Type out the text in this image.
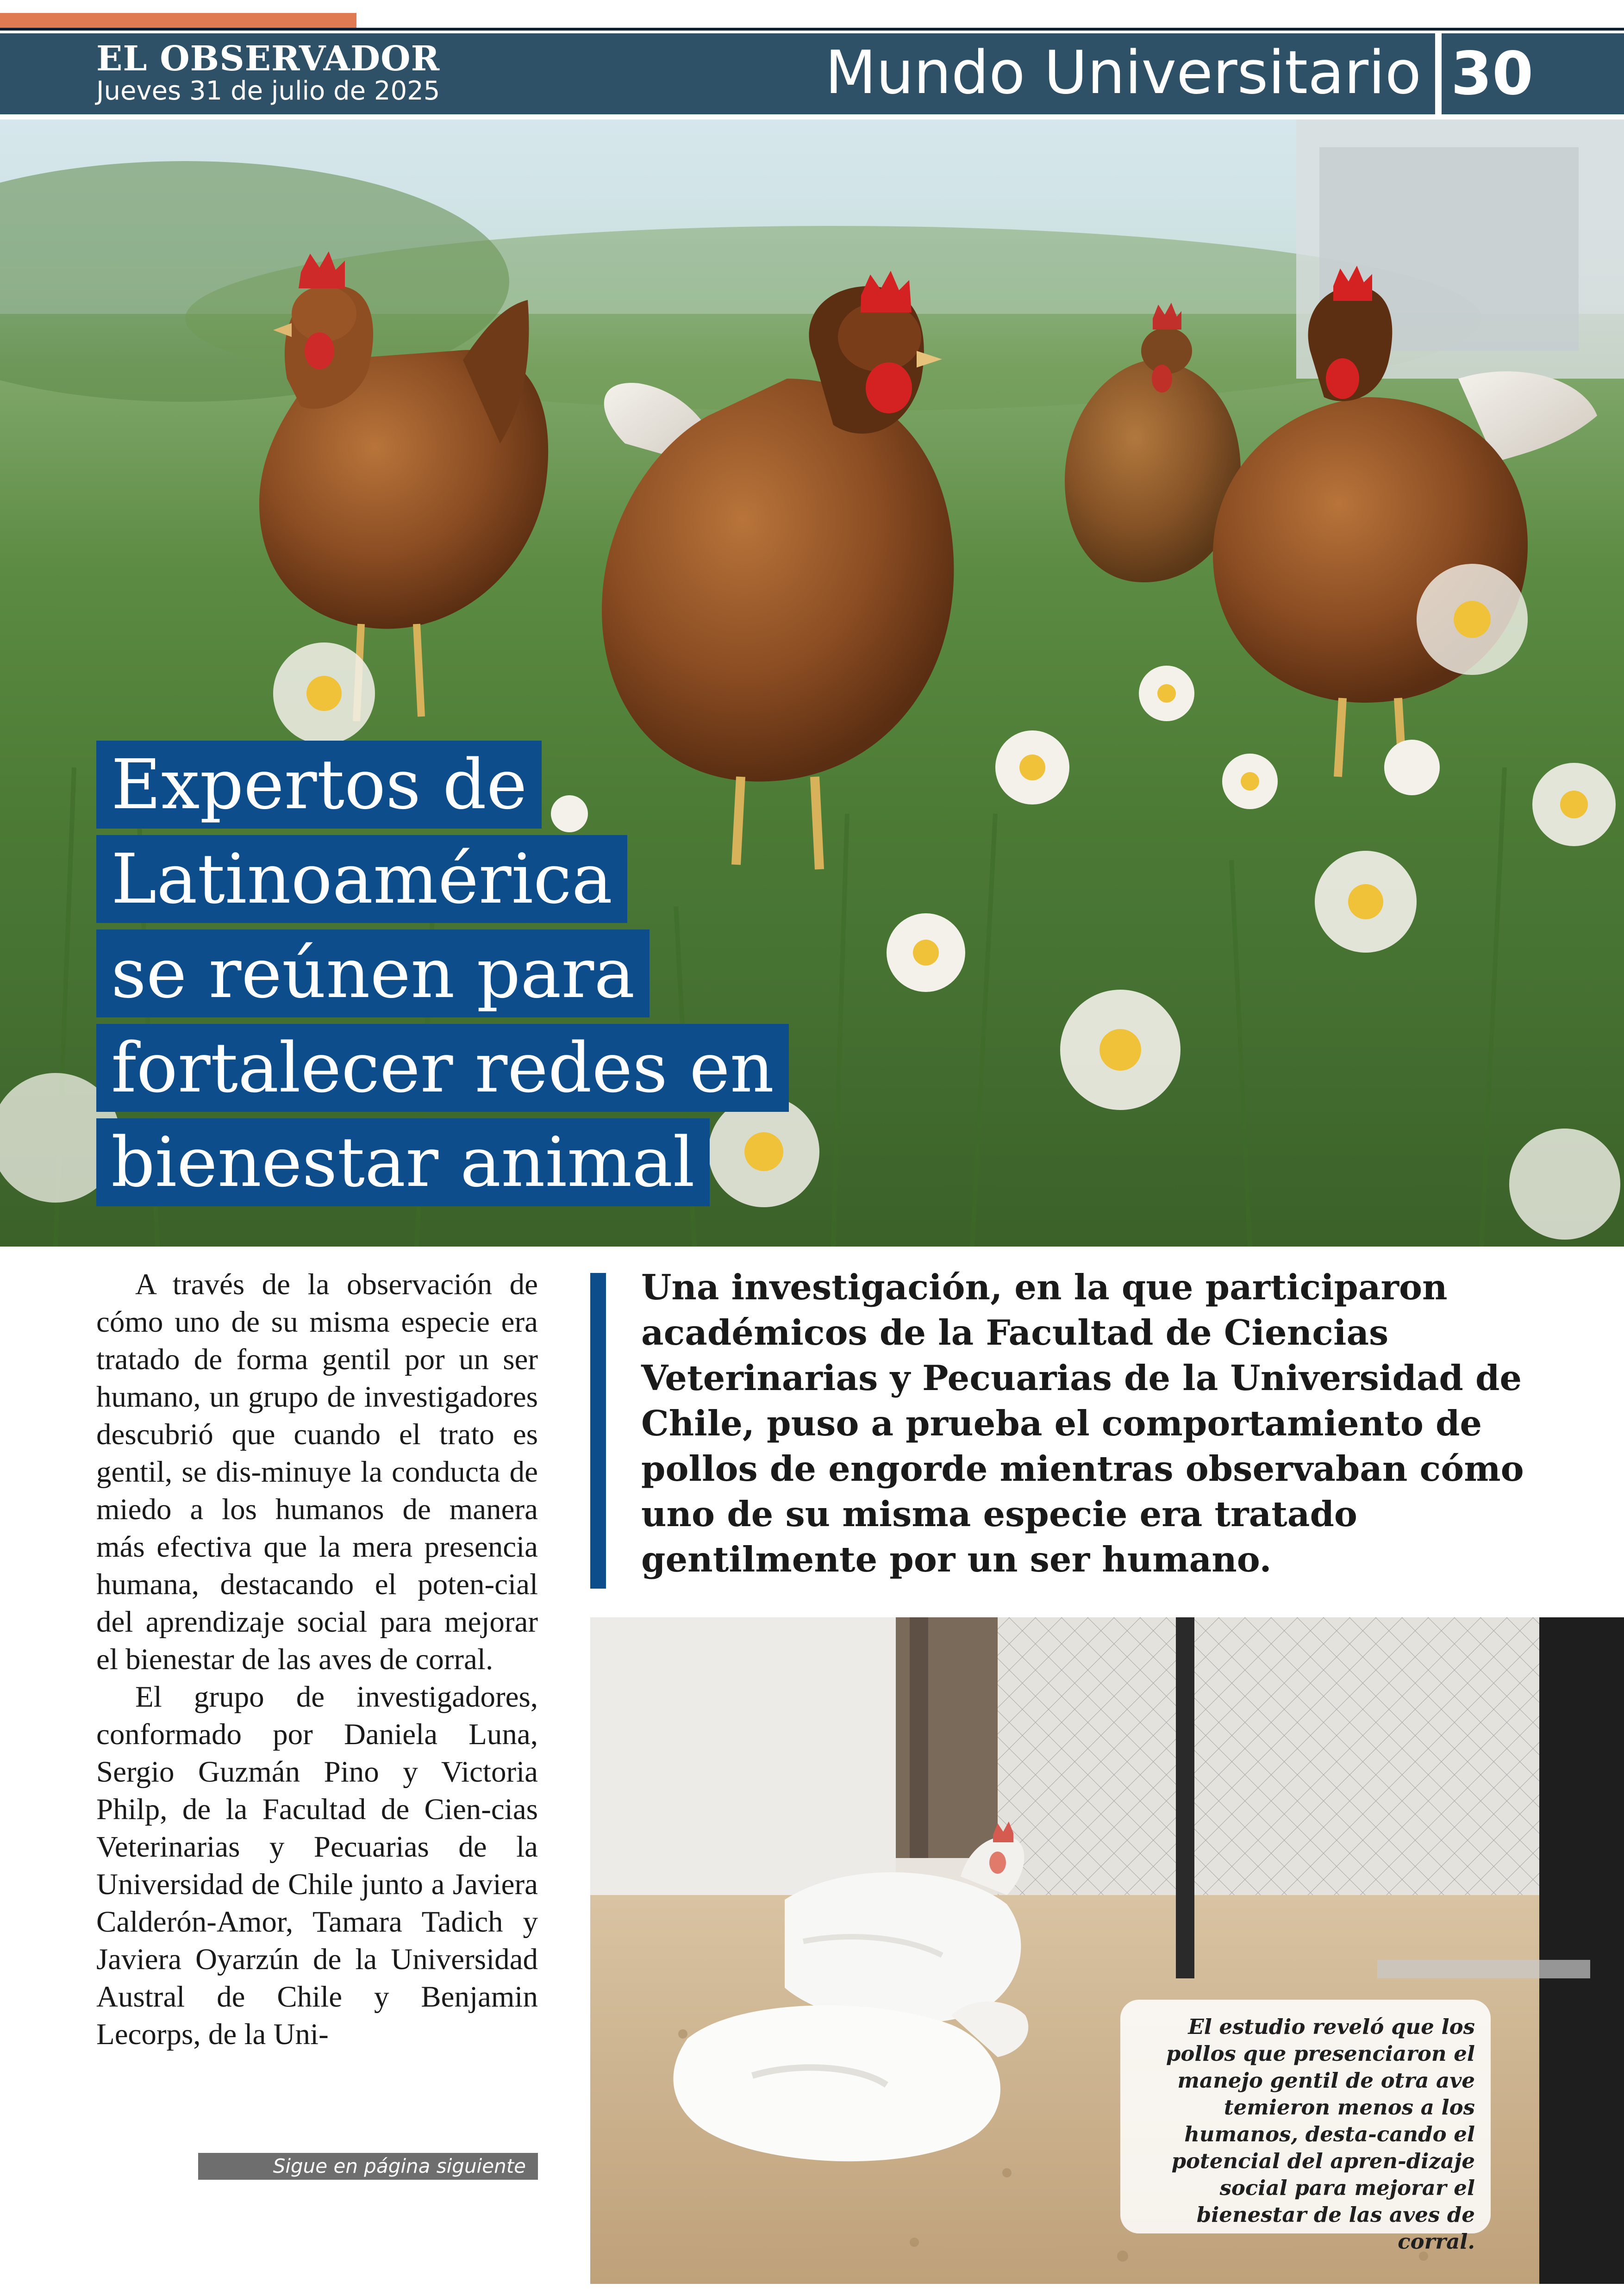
EL OBSERVADOR
Jueves 31 de julio de 2025	Mundo Universitario 30
Expertos de
Latinoamérica
se reúnen para
fortalecer redes en
bienestar animal

A través de la observación de cómo uno de su misma especie era tratado de forma gentil por un ser humano, un grupo de investigadores descubrió que cuando el trato es gentil, se dis-minuye la conducta de miedo a los humanos de manera más efectiva que la mera presencia humana, destacando el poten-cial del aprendizaje social para mejorar el bienestar de las aves de corral.

El grupo de investigadores, conformado por Daniela Luna, Sergio Guzmán Pino y Victoria Philp, de la Facultad de Cien-cias Veterinarias y Pecuarias de la Universidad de Chile junto a Javiera Calderón-Amor, Tamara Tadich y Javiera Oyarzún de la Universidad Austral de Chile y Benjamin Lecorps, de la Uni-

Sigue en página siguiente
Una investigación, en la que participaron académicos de la Facultad de Ciencias Veterinarias y Pecuarias de la Universidad de Chile, puso a prueba el comportamiento de pollos de engorde mientras observaban cómo uno de su misma especie era tratado gentilmente por un ser humano.
El estudio reveló que los pollos que presenciaron el manejo gentil de otra ave temieron menos a los humanos, desta-cando el potencial del apren-dizaje social para mejorar el bienestar de las aves de corral.
